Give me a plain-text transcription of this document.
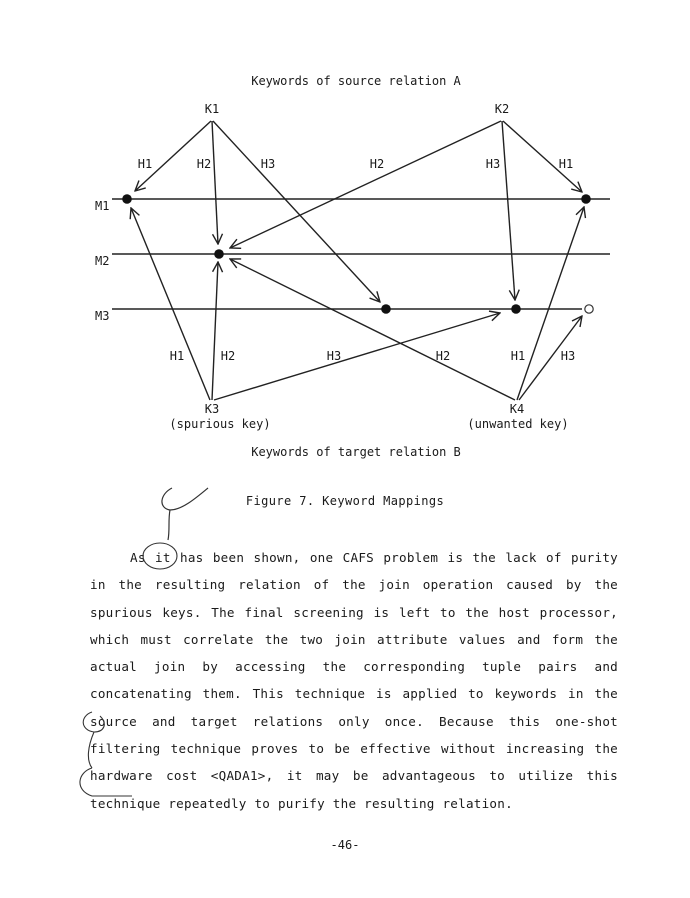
Keywords of source relation A
Keywords of target relation B
M1
M2
M3
K1	K2
K3
(spurious key)
K4
(unwanted key)
H1	H2	H3	H2	H3	H1
H1	H2	H3	H2	H1	H3
Figure 7. Keyword Mappings

As it has been shown, one CAFS problem is the lack of purity in the resulting relation of the join operation caused by the spurious keys. The final screening is left to the host processor, which must correlate the two join attribute values and form the actual join by accessing the corresponding tuple pairs and concatenating them. This technique is applied to keywords in the source and target relations only once. Because this one-shot filtering technique proves to be effective without increasing the hardware cost <QADA1>, it may be advantageous to utilize this technique repeatedly to purify the resulting relation.

-46-
